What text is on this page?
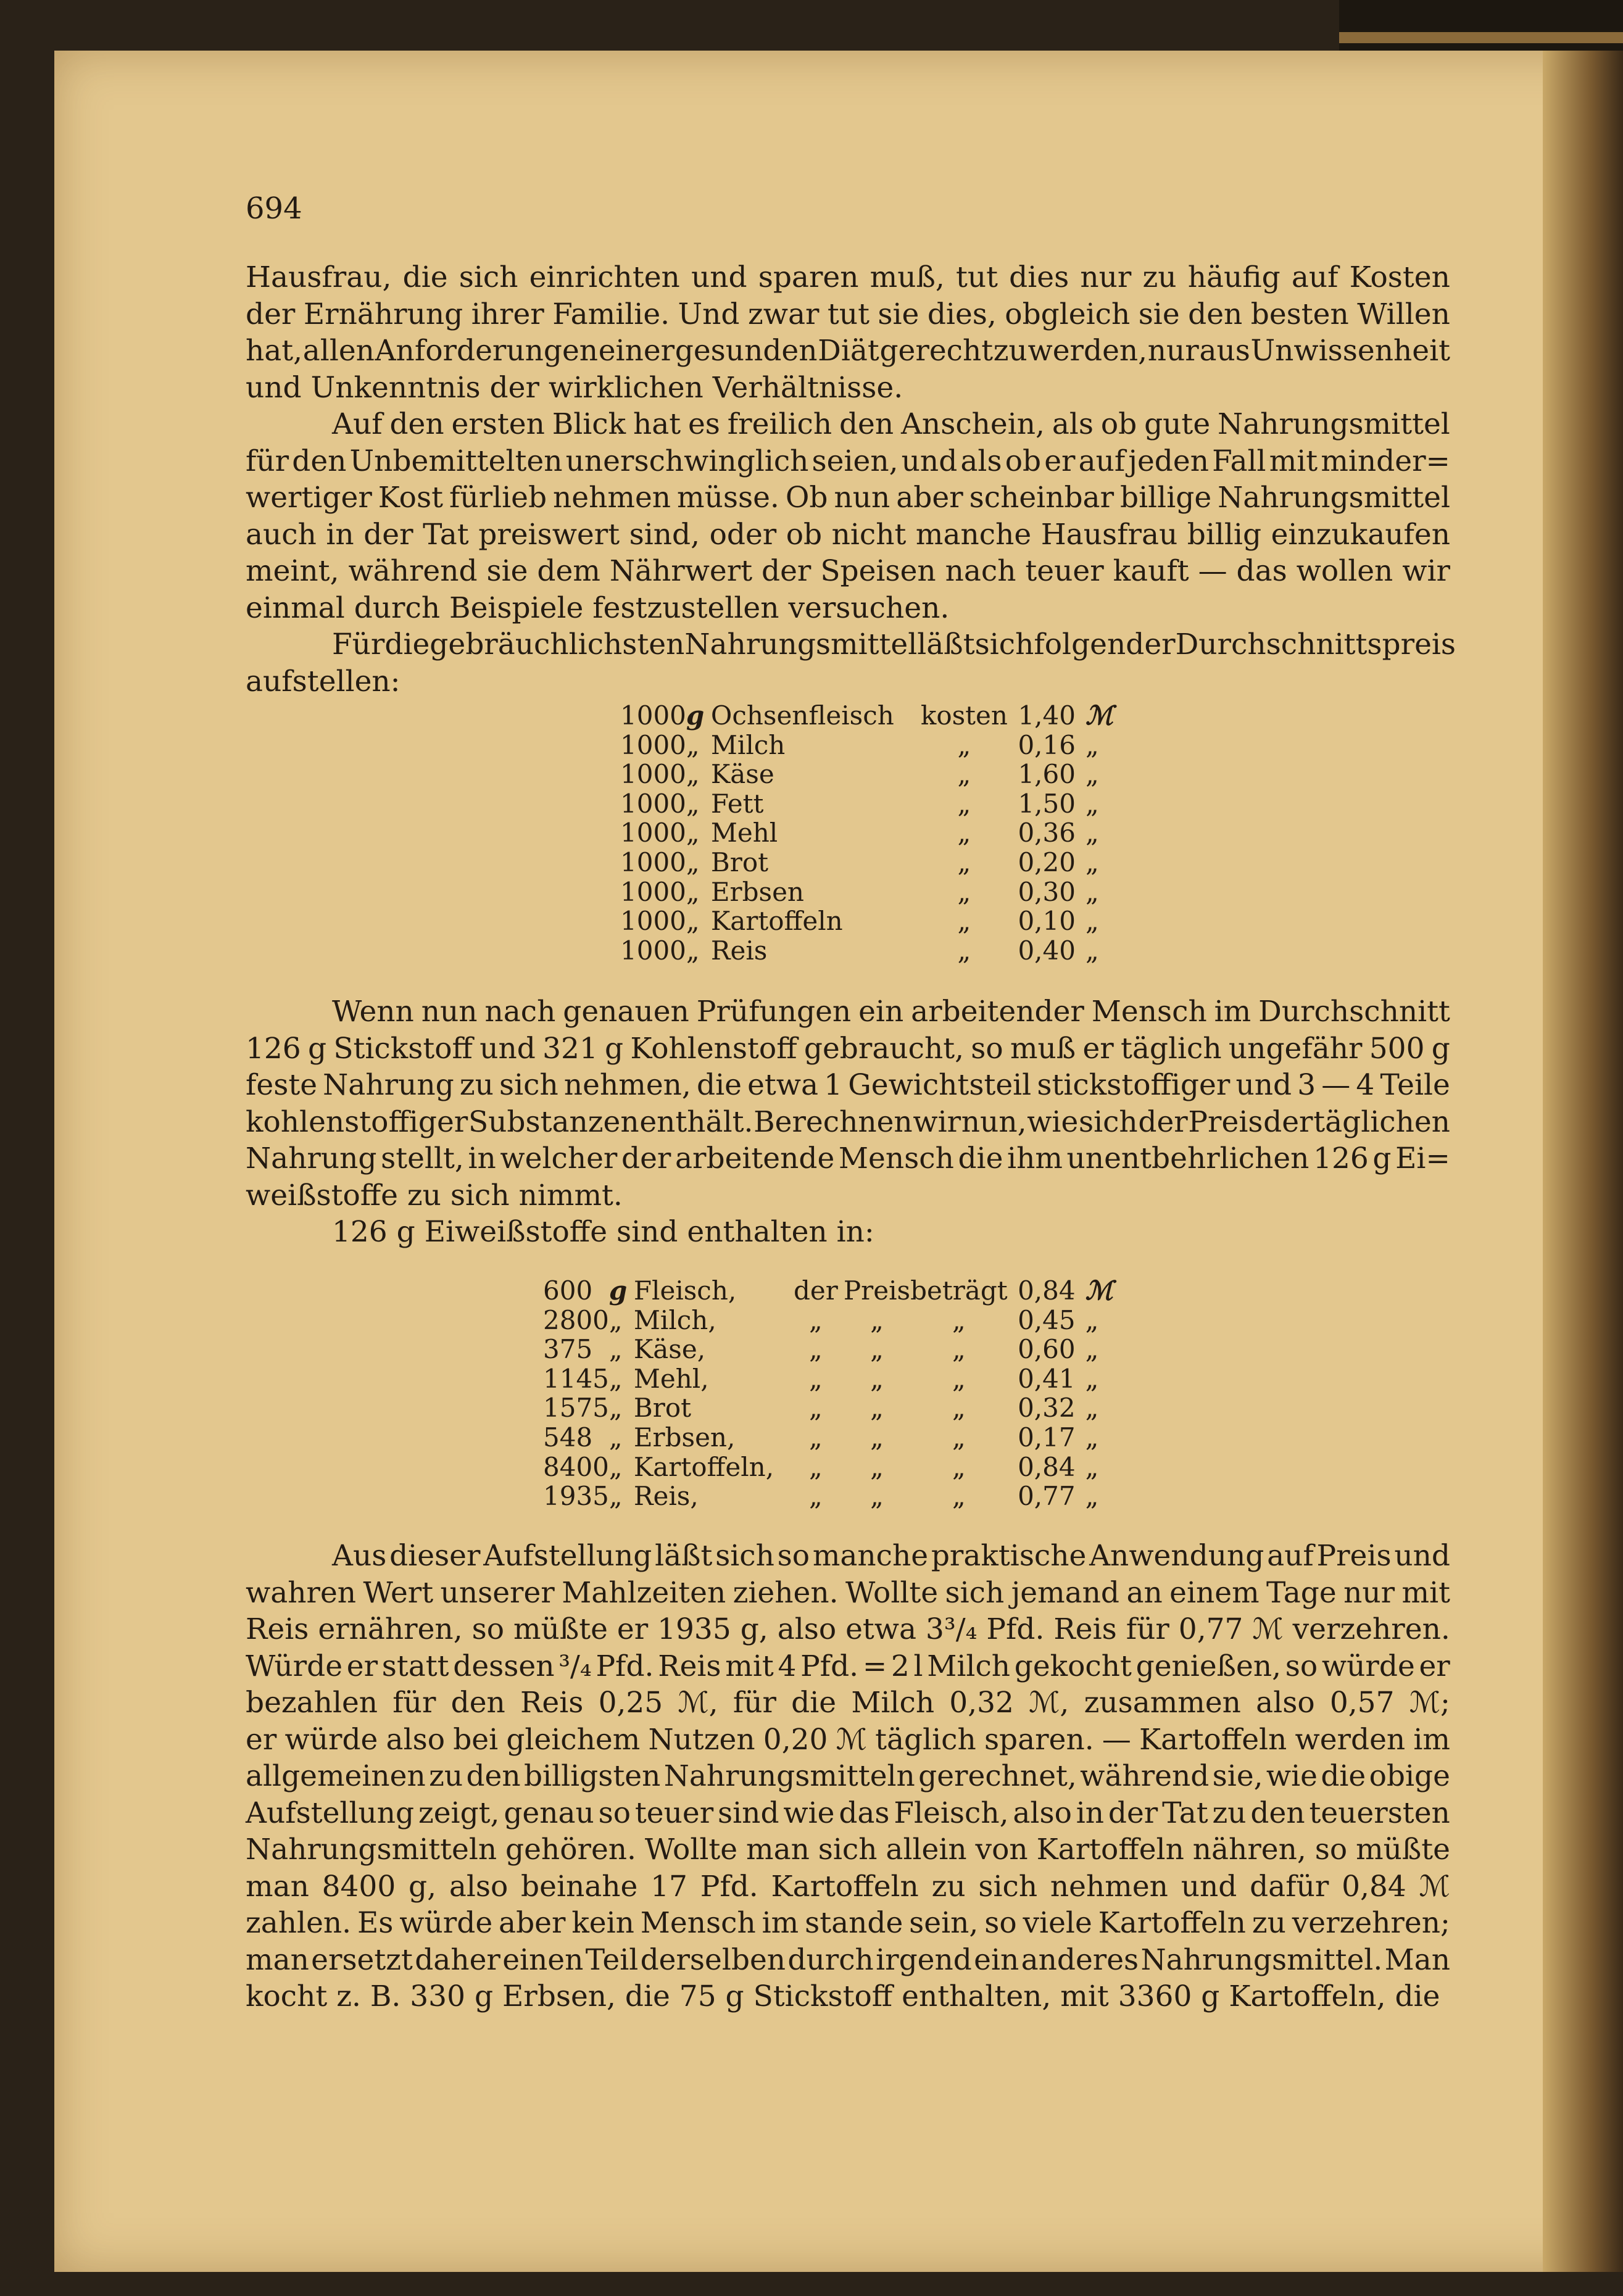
694
Hausfrau, die sich einrichten und sparen muß, tut dies nur zu häufig auf Kosten
der Ernährung ihrer Familie. Und zwar tut sie dies, obgleich sie den besten Willen
hat, allen Anforderungen einer gesunden Diät gerecht zu werden, nur aus Unwissenheit
und Unkenntnis der wirklichen Verhältnisse.
Auf den ersten Blick hat es freilich den Anschein, als ob gute Nahrungsmittel
für den Unbemittelten unerschwinglich seien, und als ob er auf jeden Fall mit minder=
wertiger Kost fürlieb nehmen müsse. Ob nun aber scheinbar billige Nahrungsmittel
auch in der Tat preiswert sind, oder ob nicht manche Hausfrau billig einzukaufen
meint, während sie dem Nährwert der Speisen nach teuer kauft — das wollen wir
einmal durch Beispiele festzustellen versuchen.
Für die gebräuchlichsten Nahrungsmittel läßt sich folgender Durchschnittspreis
aufstellen:
1000	g	Ochsenfleisch	kosten	1,40	ℳ
1000	„	Milch	„	0,16	„
1000	„	Käse	„	1,60	„
1000	„	Fett	„	1,50	„
1000	„	Mehl	„	0,36	„
1000	„	Brot	„	0,20	„
1000	„	Erbsen	„	0,30	„
1000	„	Kartoffeln	„	0,10	„
1000	„	Reis	„	0,40	„
Wenn nun nach genauen Prüfungen ein arbeitender Mensch im Durchschnitt
126 g Stickstoff und 321 g Kohlenstoff gebraucht, so muß er täglich ungefähr 500 g
feste Nahrung zu sich nehmen, die etwa 1 Gewichtsteil stickstoffiger und 3 — 4 Teile
kohlenstoffiger Substanzen enthält. Berechnen wir nun, wie sich der Preis der täglichen
Nahrung stellt, in welcher der arbeitende Mensch die ihm unentbehrlichen 126 g Ei=
weißstoffe zu sich nimmt.
126 g Eiweißstoffe sind enthalten in:
600	g	Fleisch,	der	Preis	beträgt	0,84	ℳ
2800	„	Milch,	„	„	„	0,45	„
375	„	Käse,	„	„	„	0,60	„
1145	„	Mehl,	„	„	„	0,41	„
1575	„	Brot	„	„	„	0,32	„
548	„	Erbsen,	„	„	„	0,17	„
8400	„	Kartoffeln,	„	„	„	0,84	„
1935	„	Reis,	„	„	„	0,77	„
Aus dieser Aufstellung läßt sich so manche praktische Anwendung auf Preis und
wahren Wert unserer Mahlzeiten ziehen. Wollte sich jemand an einem Tage nur mit
Reis ernähren, so müßte er 1935 g, also etwa 3³/₄ Pfd. Reis für 0,77 ℳ verzehren.
Würde er statt dessen ³/₄ Pfd. Reis mit 4 Pfd. = 2 l Milch gekocht genießen, so würde er
bezahlen für den Reis 0,25 ℳ, für die Milch 0,32 ℳ, zusammen also 0,57 ℳ;
er würde also bei gleichem Nutzen 0,20 ℳ täglich sparen. — Kartoffeln werden im
allgemeinen zu den billigsten Nahrungsmitteln gerechnet, während sie, wie die obige
Aufstellung zeigt, genau so teuer sind wie das Fleisch, also in der Tat zu den teuersten
Nahrungsmitteln gehören. Wollte man sich allein von Kartoffeln nähren, so müßte
man 8400 g, also beinahe 17 Pfd. Kartoffeln zu sich nehmen und dafür 0,84 ℳ
zahlen. Es würde aber kein Mensch im stande sein, so viele Kartoffeln zu verzehren;
man ersetzt daher einen Teil derselben durch irgend ein anderes Nahrungsmittel. Man
kocht z. B. 330 g Erbsen, die 75 g Stickstoff enthalten, mit 3360 g Kartoffeln, die
